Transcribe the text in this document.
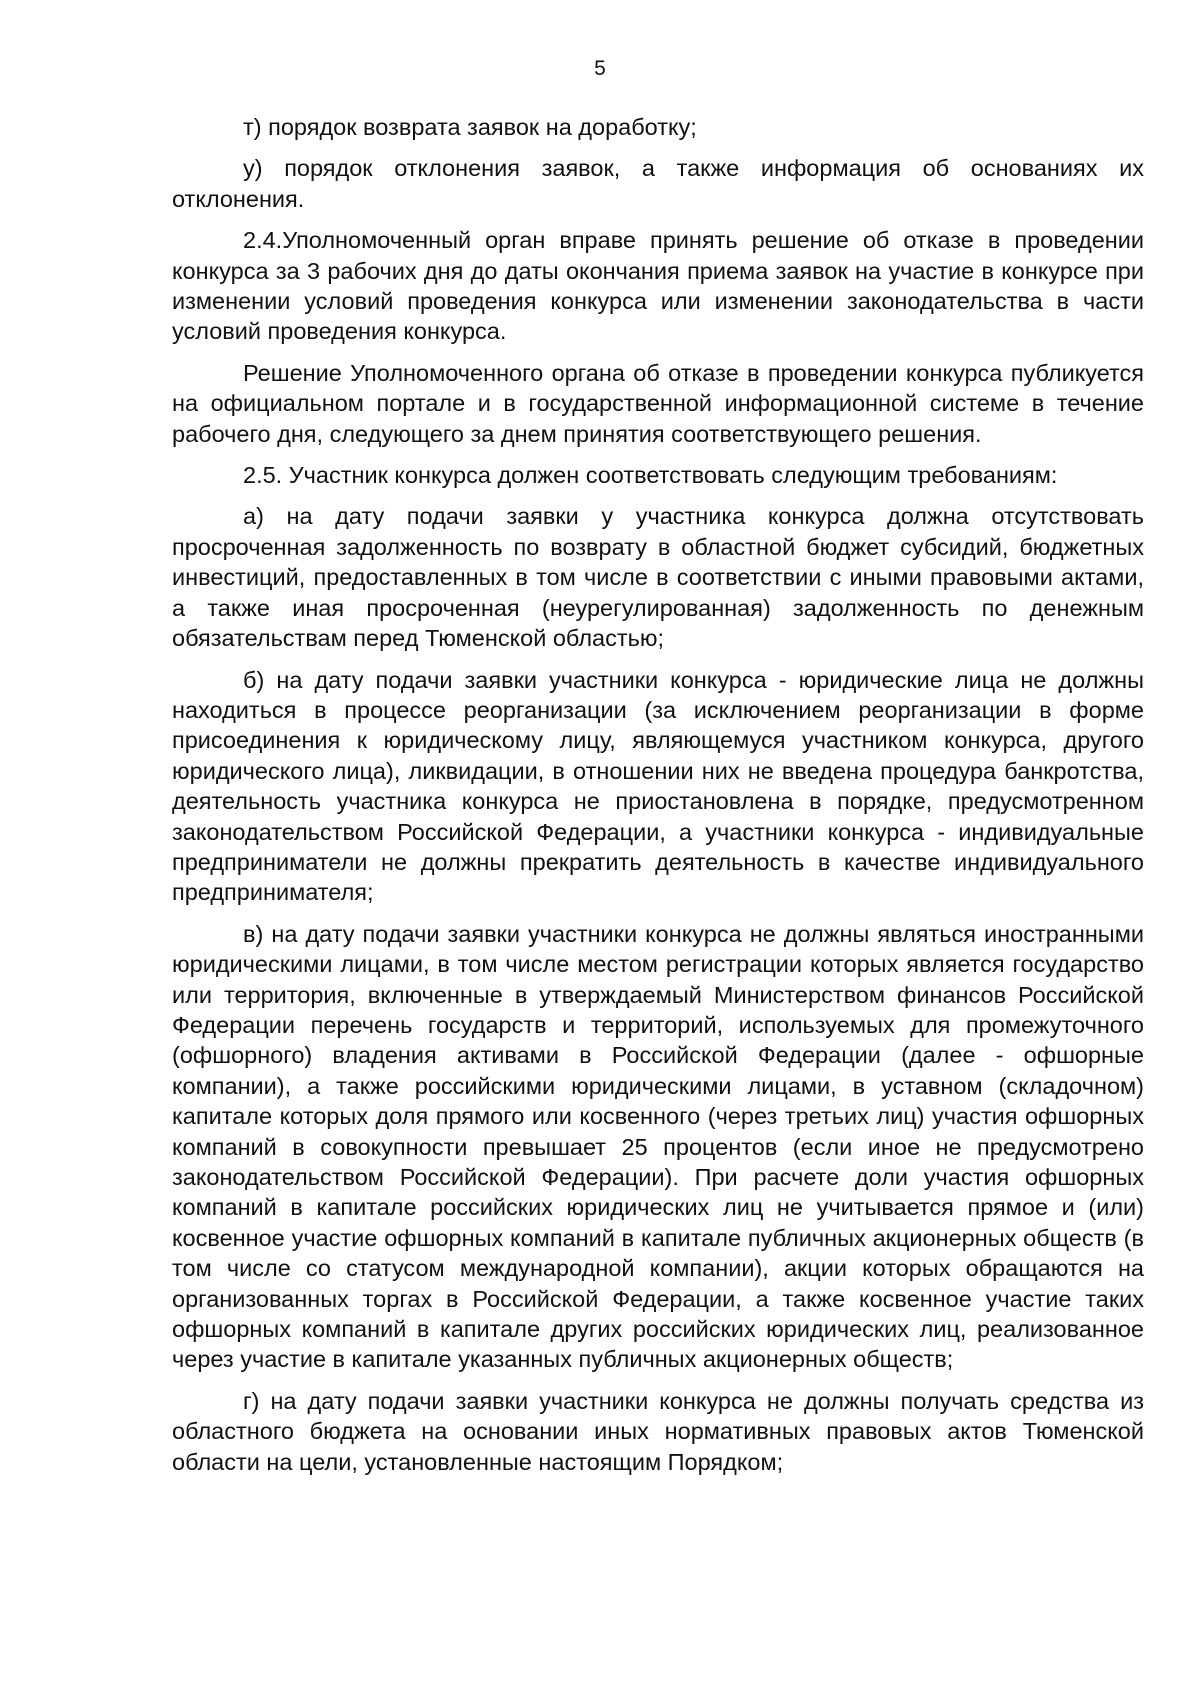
5

т) порядок возврата заявок на доработку;

у) порядок отклонения заявок, а также информация об основаниях их отклонения.

2.4.Уполномоченный орган вправе принять решение об отказе в проведении конкурса за 3 рабочих дня до даты окончания приема заявок на участие в конкурсе при изменении условий проведения конкурса или изменении законодательства в части условий проведения конкурса.

Решение Уполномоченного органа об отказе в проведении конкурса публикуется на официальном портале и в государственной информационной системе в течение рабочего дня, следующего за днем принятия соответствующего решения.

2.5. Участник конкурса должен соответствовать следующим требованиям:

а) на дату подачи заявки у участника конкурса должна отсутствовать просроченная задолженность по возврату в областной бюджет субсидий, бюджетных инвестиций, предоставленных в том числе в соответствии с иными правовыми актами, а также иная просроченная (неурегулированная) задолженность по денежным обязательствам перед Тюменской областью;

б) на дату подачи заявки участники конкурса - юридические лица не должны находиться в процессе реорганизации (за исключением реорганизации в форме присоединения к юридическому лицу, являющемуся участником конкурса, другого юридического лица), ликвидации, в отношении них не введена процедура банкротства, деятельность участника конкурса не приостановлена в порядке, предусмотренном законодательством Российской Федерации, а участники конкурса - индивидуальные предприниматели не должны прекратить деятельность в качестве индивидуального предпринимателя;

в) на дату подачи заявки участники конкурса не должны являться иностранными юридическими лицами, в том числе местом регистрации которых является государство или территория, включенные в утверждаемый Министерством финансов Российской Федерации перечень государств и территорий, используемых для промежуточного (офшорного) владения активами в Российской Федерации (далее - офшорные компании), а также российскими юридическими лицами, в уставном (складочном) капитале которых доля прямого или косвенного (через третьих лиц) участия офшорных компаний в совокупности превышает 25 процентов (если иное не предусмотрено законодательством Российской Федерации). При расчете доли участия офшорных компаний в капитале российских юридических лиц не учитывается прямое и (или) косвенное участие офшорных компаний в капитале публичных акционерных обществ (в том числе со статусом международной компании), акции которых обращаются на организованных торгах в Российской Федерации, а также косвенное участие таких офшорных компаний в капитале других российских юридических лиц, реализованное через участие в капитале указанных публичных акционерных обществ;

г) на дату подачи заявки участники конкурса не должны получать средства из областного бюджета на основании иных нормативных правовых актов Тюменской области на цели, установленные настоящим Порядком;
